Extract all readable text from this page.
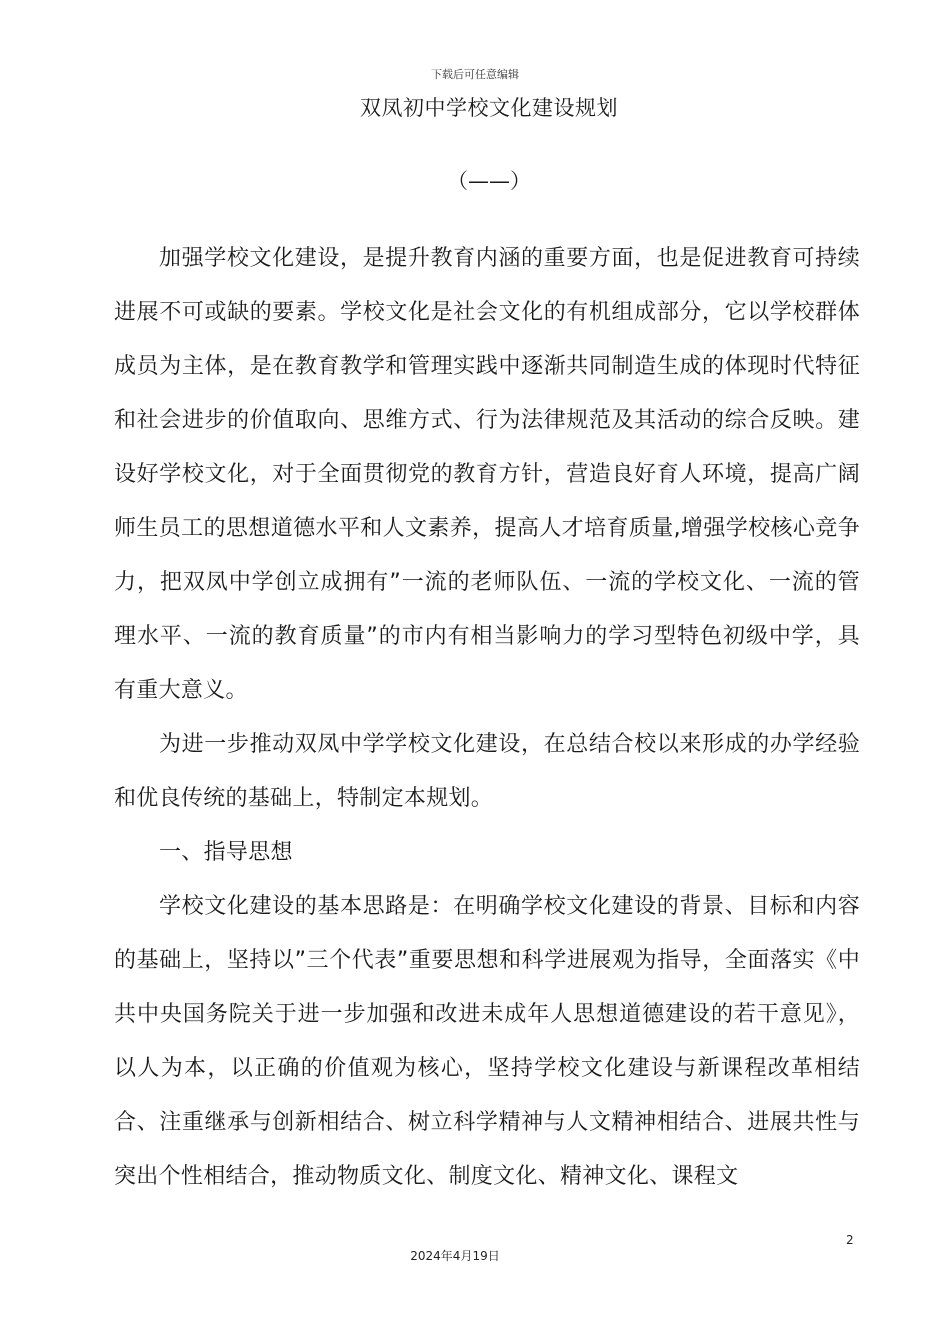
下载后可任意编辑
双凤初中学校文化建设规划
（——）

加强学校文化建设，是提升教育内涵的重要方面，也是促进教育可持续进展不可或缺的要素。学校文化是社会文化的有机组成部分，它以学校群体成员为主体，是在教育教学和管理实践中逐渐共同制造生成的体现时代特征和社会进步的价值取向、思维方式、行为法律规范及其活动的综合反映。建设好学校文化，对于全面贯彻党的教育方针，营造良好育人环境，提高广阔师生员工的思想道德水平和人文素养，提高人才培育质量,增强学校核心竞争力，把双凤中学创立成拥有”一流的老师队伍、一流的学校文化、一流的管理水平、一流的教育质量”的市内有相当影响力的学习型特色初级中学，具有重大意义。

为进一步推动双凤中学学校文化建设，在总结合校以来形成的办学经验和优良传统的基础上，特制定本规划。

一、指导思想

学校文化建设的基本思路是：在明确学校文化建设的背景、目标和内容的基础上，坚持以”三个代表”重要思想和科学进展观为指导，全面落实《中共中央国务院关于进一步加强和改进未成年人思想道德建设的若干意见》，以人为本，以正确的价值观为核心，坚持学校文化建设与新课程改革相结合、注重继承与创新相结合、树立科学精神与人文精神相结合、进展共性与突出个性相结合，推动物质文化、制度文化、精神文化、课程文

2
2024年4月19日
